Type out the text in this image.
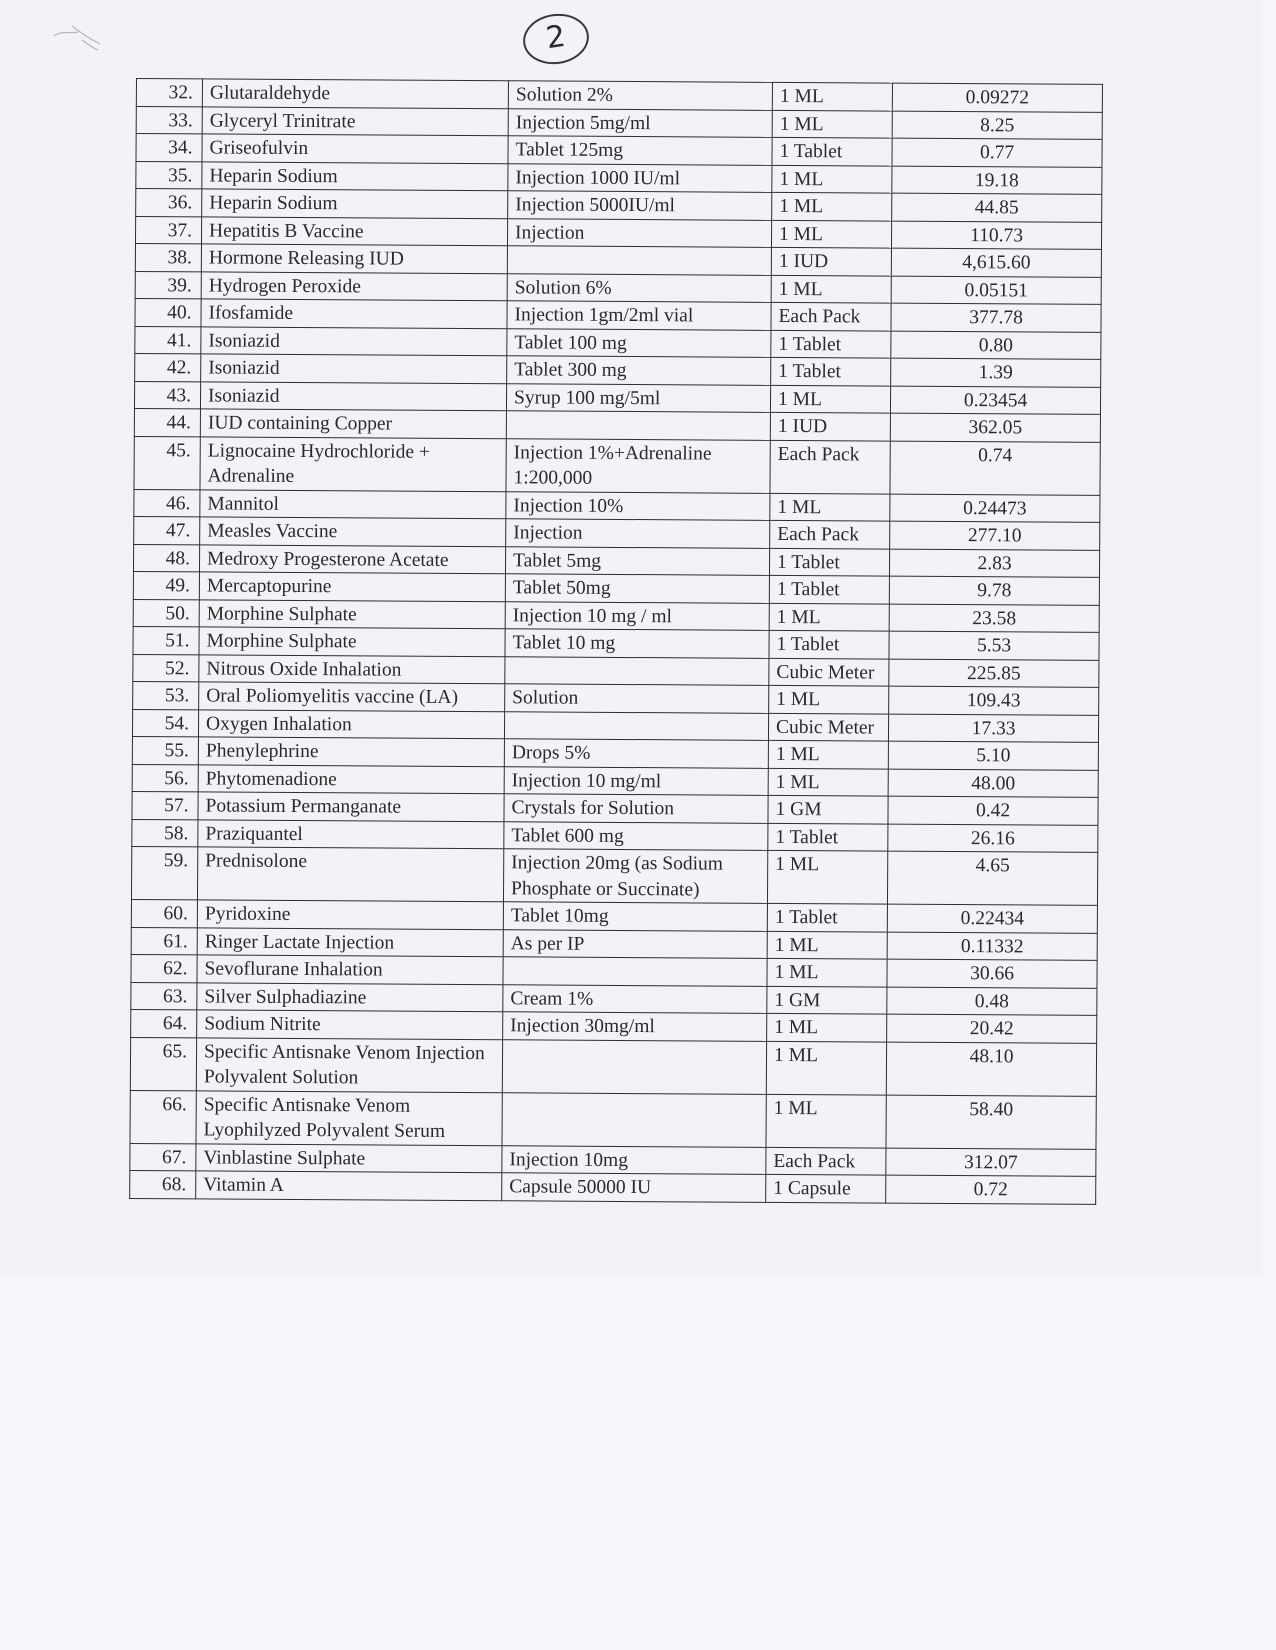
2
32.	Glutaraldehyde	Solution 2%	1 ML	0.09272
33.	Glyceryl Trinitrate	Injection 5mg/ml	1 ML	8.25
34.	Griseofulvin	Tablet 125mg	1 Tablet	0.77
35.	Heparin Sodium	Injection 1000 IU/ml	1 ML	19.18
36.	Heparin Sodium	Injection 5000IU/ml	1 ML	44.85
37.	Hepatitis B Vaccine	Injection	1 ML	110.73
38.	Hormone Releasing IUD		1 IUD	4,615.60
39.	Hydrogen Peroxide	Solution 6%	1 ML	0.05151
40.	Ifosfamide	Injection 1gm/2ml vial	Each Pack	377.78
41.	Isoniazid	Tablet 100 mg	1 Tablet	0.80
42.	Isoniazid	Tablet 300 mg	1 Tablet	1.39
43.	Isoniazid	Syrup 100 mg/5ml	1 ML	0.23454
44.	IUD containing Copper		1 IUD	362.05
45.	Lignocaine Hydrochloride + Adrenaline	Injection 1%+Adrenaline 1:200,000	Each Pack	0.74
46.	Mannitol	Injection 10%	1 ML	0.24473
47.	Measles Vaccine	Injection	Each Pack	277.10
48.	Medroxy Progesterone Acetate	Tablet 5mg	1 Tablet	2.83
49.	Mercaptopurine	Tablet 50mg	1 Tablet	9.78
50.	Morphine Sulphate	Injection 10 mg / ml	1 ML	23.58
51.	Morphine Sulphate	Tablet 10 mg	1 Tablet	5.53
52.	Nitrous Oxide Inhalation		Cubic Meter	225.85
53.	Oral Poliomyelitis vaccine (LA)	Solution	1 ML	109.43
54.	Oxygen Inhalation		Cubic Meter	17.33
55.	Phenylephrine	Drops 5%	1 ML	5.10
56.	Phytomenadione	Injection 10 mg/ml	1 ML	48.00
57.	Potassium Permanganate	Crystals for Solution	1 GM	0.42
58.	Praziquantel	Tablet 600 mg	1 Tablet	26.16
59.	Prednisolone	Injection 20mg (as Sodium Phosphate or Succinate)	1 ML	4.65
60.	Pyridoxine	Tablet 10mg	1 Tablet	0.22434
61.	Ringer Lactate Injection	As per IP	1 ML	0.11332
62.	Sevoflurane Inhalation		1 ML	30.66
63.	Silver Sulphadiazine	Cream 1%	1 GM	0.48
64.	Sodium Nitrite	Injection 30mg/ml	1 ML	20.42
65.	Specific Antisnake Venom Injection Polyvalent Solution		1 ML	48.10
66.	Specific Antisnake Venom Lyophilyzed Polyvalent Serum		1 ML	58.40
67.	Vinblastine Sulphate	Injection 10mg	Each Pack	312.07
68.	Vitamin A	Capsule 50000 IU	1 Capsule	0.72
